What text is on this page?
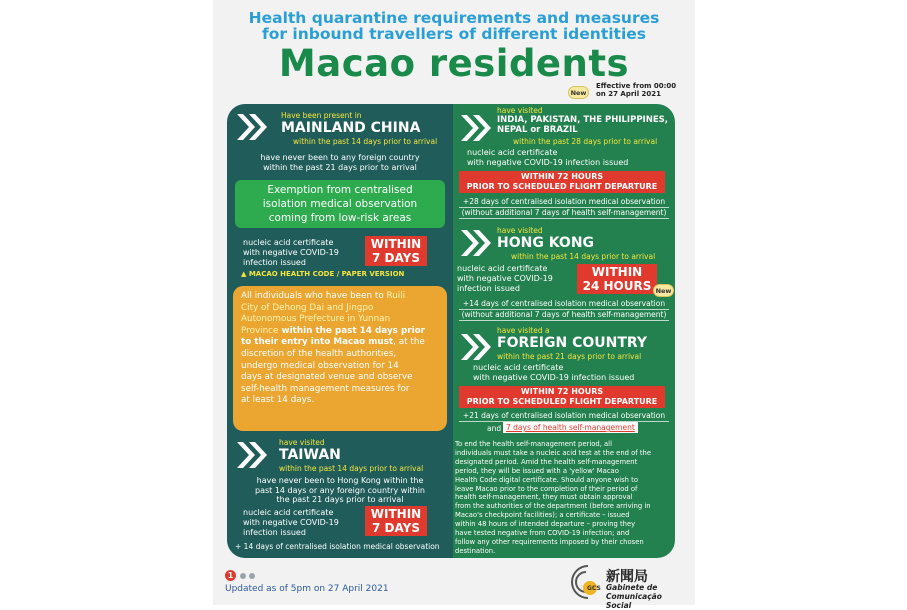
Health quarantine requirements and measures
for inbound travellers of different identities
Macao residents
New
Effective from 00:00
on 27 April 2021
Have been present in
MAINLAND CHINA
within the past 14 days prior to arrival
have never been to any foreign country
within the past 21 days prior to arrival
Exemption from centralised
isolation medical observation
coming from low-risk areas
nucleic acid certificate
with negative COVID-19
infection issued
WITHIN
7 DAYS
▲ MACAO HEALTH CODE / PAPER VERSION
All individuals who have been to Ruili
City of Dehong Dai and Jingpo
Autonomous Prefecture in Yunnan
Province within the past 14 days prior
to their entry into Macao must, at the
discretion of the health authorities,
undergo medical observation for 14
days at designated venue and observe
self-health management measures for
at least 14 days.
have visited
TAIWAN
within the past 14 days prior to arrival
have never been to Hong Kong within the
past 14 days or any foreign country within
the past 21 days prior to arrival
nucleic acid certificate
with negative COVID-19
infection issued
WITHIN
7 DAYS
+ 14 days of centralised isolation medical observation
have visited
INDIA, PAKISTAN, THE PHILIPPINES,
NEPAL or BRAZIL
within the past 28 days prior to arrival
nucleic acid certificate
with negative COVID-19 infection issued
WITHIN 72 HOURS
PRIOR TO SCHEDULED FLIGHT DEPARTURE
+28 days of centralised isolation medical observation
(without additional 7 days of health self-management)
have visited
HONG KONG
within the past 14 days prior to arrival
nucleic acid certificate
with negative COVID-19
infection issued
WITHIN
24 HOURS New
+14 days of centralised isolation medical observation
(without additional 7 days of health self-management)
have visited a
FOREIGN COUNTRY
within the past 21 days prior to arrival
nucleic acid certificate
with negative COVID-19 infection issued
WITHIN 72 HOURS
PRIOR TO SCHEDULED FLIGHT DEPARTURE
+21 days of centralised isolation medical observation
and 7 days of health self-management
To end the health self-management period, all
individuals must take a nucleic acid test at the end of the
designated period. Amid the health self-management
period, they will be issued with a 'yellow' Macao
Health Code digital certificate. Should anyone wish to
leave Macao prior to the completion of their period of
health self-management, they must obtain approval
from the authorities of the department (before arriving in
Macao's checkpoint facilities); a certificate – issued
within 48 hours of intended departure – proving they
have tested negative from COVID-19 infection; and
follow any other requirements imposed by their chosen
destination.
1
Updated as of 5pm on 27 April 2021	GCS
新聞局
Gabinete de
Comunicação Social
